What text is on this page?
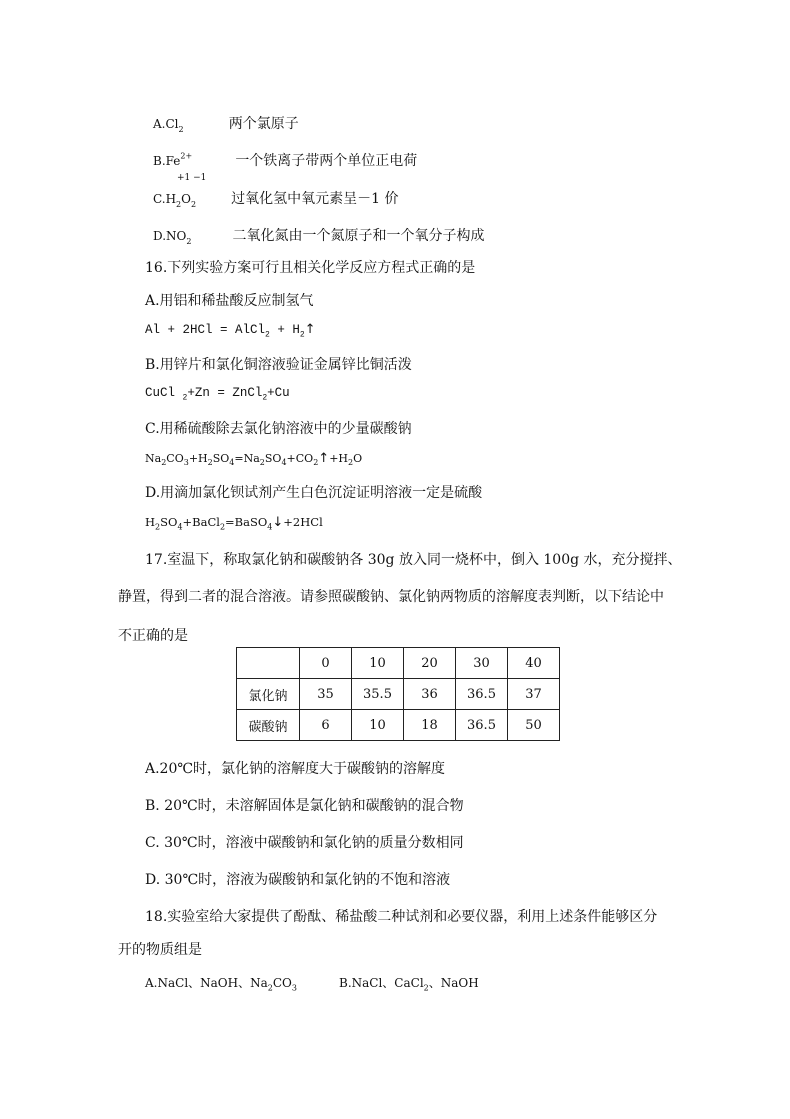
$A.Cl_2$	两个氯原子
$B.Fe^{2+}$	一个铁离子带两个单位正电荷
+1 −1
$C.H_2O_2$	过氧化氢中氧元素呈－1 价
$D.NO_2$	二氧化氮由一个氮原子和一个氧分子构成
16.下列实验方案可行且相关化学反应方程式正确的是
A.用铝和稀盐酸反应制氢气
Al + 2HCl = AlCl$_2$ + $H_2↑$
B.用锌片和氯化铜溶液验证金属锌比铜活泼
CuCl $_2$+Zn = ZnCl$_2$+Cu
C.用稀硫酸除去氯化钠溶液中的少量碳酸钠
$Na_2CO_3+H_2SO_4=Na_2SO_4+CO_2↑+H_2O$
D.用滴加氯化钡试剂产生白色沉淀证明溶液一定是硫酸
$H_2SO_4+BaCl_2=BaSO_4↓+2HCl$
17.室温下，称取氯化钠和碳酸钠各 30g 放入同一烧杯中，倒入 100g 水，充分搅拌、
静置，得到二者的混合溶液。请参照碳酸钠、氯化钠两物质的溶解度表判断，以下结论中
不正确的是
	0	10	20	30	40
氯化钠	35	35.5	36	36.5	37
碳酸钠	6	10	18	36.5	50
A.20℃时，氯化钠的溶解度大于碳酸钠的溶解度
B. 20℃时，未溶解固体是氯化钠和碳酸钠的混合物
C. 30℃时，溶液中碳酸钠和氯化钠的质量分数相同
D. 30℃时，溶液为碳酸钠和氯化钠的不饱和溶液
18.实验室给大家提供了酚酞、稀盐酸二种试剂和必要仪器，利用上述条件能够区分
开的物质组是
A.NaCl、NaOH、$Na_2CO_3$	B.NaCl、CaCl$_2$、NaOH
